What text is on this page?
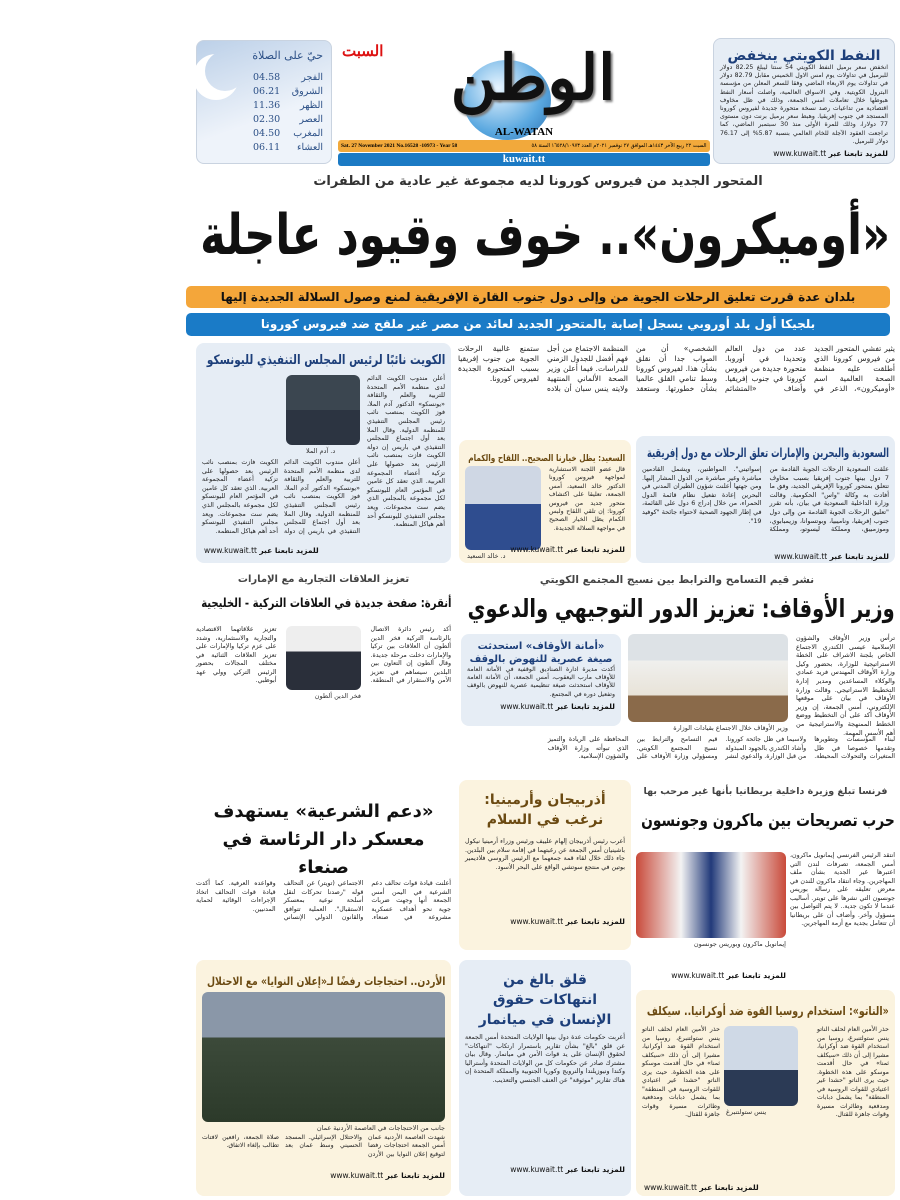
النفط الكويتي ينخفض
انخفض سعر برميل النفط الكويتي 54 سنتا ليبلغ 82.25 دولار للبرميل في تداولات يوم امس الاول الخميس مقابل 82.79 دولار في تداولات يوم الاربعاء الماضي وفقا للسعر المعلن من مؤسسة البترول الكويتية. وفي الاسواق العالمية، واصلت أسعار النفط هبوطها خلال تعاملات امس الجمعة، وذلك في ظل مخاوف اقتصادية من تداعيات رصد نسخة متحورة جديدة لفيروس كورونا المستجد في جنوب إفريقيا. وهبط سعر برميل برنت دون مستوى 77 دولارا، وذلك للمرة الأولى منذ 30 سبتمبر الماضي، كما تراجعت العقود الآجلة للخام العالمي بنسبة 5.87% إلى 76.17 دولار للبرميل.
www.kuwait.tt للمزيد تابعنا عبر
الوطن
السبت
AL-WATAN
السبت ٢٢ ربيع الآخر ١٤٤٣هـ الموافق ٢٧ نوفمبر ٢٠٢١م العدد ١٦٥٢٨/١٠٩٧٣ السنة ٥٨
Sat. 27 November 2021 No.16528 -10973 - Year 58
kuwait.tt
حيّ على الصلاة
الفجر
04.58
الشروق
06.21
الظهر
11.36
العصر
02.30
المغرب
04.50
العشاء
06.11
المتحور الجديد من فيروس كورونا لديه مجموعة غير عادية من الطفرات
«أوميكرون».. خوف وقيود عاجلة
بلدان عدة قررت تعليق الرحلات الجوية من وإلى دول جنوب القارة الإفريقية لمنع وصول السلالة الجديدة إليها
بلجيكا أول بلد أوروبي يسجل إصابة بالمتحور الجديد لعائد من مصر غير ملقح ضد فيروس كورونا
يثير تفشي المتحور الجديد من فيروس كورونا الذي أطلقت عليه منظمة الصحة العالمية اسم «أوميكرون»، الذعر في عدد من دول العالم وتحديدا في أوروبا. متحورة جديدة من فيروس كورونا في جنوب إفريقيا. وأضاف «المتشائم الشخصي» أن من الصواب جدا أن نقلق بشأن هذا. لفيروس كورونا وسط تنامي القلق عالميا بشأن خطورتها. وستعقد المنظمة الاجتماع من أجل فهم أفضل للجدول الزمني للدراسات. فيما أعلن وزير الصحة الألماني المنتهية ولايته ينس سبان أن بلاده ستمنع غالبية الرحلات الجوية من جنوب إفريقيا بسبب المتحورة الجديدة لفيروس كورونا.
السعودية والبحرين والإمارات تعلق الرحلات مع دول إفريقية
علقت السعودية الرحلات الجوية القادمة من 7 دول بينها جنوب إفريقيا بسبب مخاوف تتعلق بمتحور كورونا الإفريقي الجديد، وفق ما أفادت به وكالة "واس" الحكومية. وقالت وزارة الداخلية السعودية في بيان، بأنه تقرر "تعليق الرحلات الجوية القادمة من وإلى دول جنوب إفريقيا، وناميبيا، وبوتسوانا، وزيمبابوي، وموزمبيق، ومملكة ليسوتو، ومملكة إسواتيني". المواطنين، ويشمل القادمين مباشرة وغير مباشرة من الدول المشار إليها. ومن جهتها أعلنت شؤون الطيران المدني في البحرين إعادة تفعيل نظام قائمة الدول الحمراء، من خلال إدراج 6 دول على القائمة، في إطار الجهود الصحية لاحتواء جائحة "كوفيد 19".
www.kuwait.tt للمزيد تابعنا عبر
السعيد: يظل خيارنا الصحيح.. اللقاح والكمام
قال عضو اللجنة الاستشارية لمواجهة فيروس كورونا الدكتور خالد السعيد، أمس الجمعة، تعليقا على اكتشاف متحور جديد من فيروس كورونا: إن تلقي اللقاح ولبس الكمام يظل الخيار الصحيح في مواجهة السلالة الجديدة.
د. خالد السعيد
www.kuwait.tt للمزيد تابعنا عبر
الكويت نائبًا لرئيس المجلس التنفيذي لليونسكو
د. آدم الملا
أعلن مندوب الكويت الدائم لدى منظمة الأمم المتحدة للتربية والعلم والثقافة «يونسكو» الدكتور آدم الملا، فوز الكويت بمنصب نائب رئيس المجلس التنفيذي للمنظمة الدولية. وقال الملا بعد أول اجتماع للمجلس التنفيذي في باريس إن دولة الكويت فازت بمنصب نائب الرئيس بعد حصولها على تزكية أعضاء المجموعة العربية. الذي تعقد كل عامين في المؤتمر العام لليونسكو لكل مجموعة بالمجلس الذي يضم ست مجموعات. ويعد مجلس التنفيذي لليونسكو أحد أهم هياكل المنظمة.
أعلن مندوب الكويت الدائم لدى منظمة الأمم المتحدة للتربية والعلم والثقافة «يونسكو» الدكتور آدم الملا، فوز الكويت بمنصب نائب رئيس المجلس التنفيذي للمنظمة الدولية. وقال الملا بعد أول اجتماع للمجلس التنفيذي في باريس إن دولة الكويت فازت بمنصب نائب الرئيس بعد حصولها على تزكية أعضاء المجموعة العربية. الذي تعقد كل عامين في المؤتمر العام لليونسكو لكل مجموعة بالمجلس الذي يضم ست مجموعات. ويعد مجلس التنفيذي لليونسكو أحد أهم هياكل المنظمة.
www.kuwait.tt للمزيد تابعنا عبر
نشر قيم التسامح والترابط بين نسيج المجتمع الكويتي
وزير الأوقاف: تعزيز الدور التوجيهي والدعوي
ترأس وزير الأوقاف والشؤون الإسلامية عيسى الكندري الاجتماع الخاص بلجنة الاشراف على الخطة الاستراتيجية للوزارة، بحضور وكيل وزارة الأوقاف المهندس فريد عمادي والوكلاء المساعدين ومدير إدارة التخطيط الاستراتيجي. وقالت وزارة الأوقاف في بيان على موقعها الإلكتروني، أمس الجمعة، إن وزير الأوقاف أكد على أن التخطيط ووضع الخطط الممنهجة والاستراتيجية من أهم الأسس المهمة.
وزير الأوقاف خلال الاجتماع بقيادات الوزارة
«أمانة الأوقاف» استحدثت صيغة عصرية للنهوض بالوقف
أكدت مديرة ادارة الصناديق الوقفية في الأمانة العامة للأوقاف مارب اليعقوب، أمس الجمعة، أن الأمانة العامة للأوقاف استحدثت صيغة تنظيمية عصرية للنهوض بالوقف وتفعيل دوره في المجتمع.
www.kuwait.tt للمزيد تابعنا عبر
لبناء المؤسسات وتطويرها وتقدمها خصوصا في ظل المتغيرات والتحولات المحيطة. ولاسيما في ظل جائحة كورونا. وأشاد الكندري بالجهود المبذولة من قبل الوزارة. والدعوي لنشر قيم التسامح والترابط بين نسيج المجتمع الكويتي. ومسؤولي وزارة الأوقاف على المحافظة على الريادة والتميز الذي تبوأته وزارة الأوقاف والشؤون الإسلامية.
تعزيز العلاقات التجارية مع الإمارات
أنقرة: صفحة جديدة في العلاقات التركية - الخليجية
فخر الدين ألطون
أكد رئيس دائرة الاتصال بالرئاسة التركية فخر الدين ألطون أن العلاقات بين تركيا والإمارات دخلت مرحلة جديدة. وقال ألطون إن التعاون بين البلدين سيساهم في تعزيز الأمن والاستقرار في المنطقة. تعزيز علاقاتهما الاقتصادية والتجارية والاستثمارية، وشدد على عزم تركيا والإمارات على تعزيز العلاقات الثنائية في مختلف المجالات بحضور الرئيس التركي وولي عهد أبوظبي.
فرنسا تبلغ وزيرة داخلية بريطانيا بأنها غير مرحب بها
حرب تصريحات بين ماكرون وجونسون
إيمانويل ماكرون وبوريس جونسون
انتقد الرئيس الفرنسي إيمانويل ماكرون، أمس الجمعة، تصرفات لندن التي اعتبرها غير الجدية بشأن ملف المهاجرين. وجاء انتقاد ماكرون للندن في معرض تعليقه على رسالة بوريس جونسون التي نشرها على تويتر. أساليب عندما لا تكون جدية.. لا يتم التواصل بين مسؤول وآخر. وأضاف أن على بريطانيا أن تتعامل بجدية مع أزمة المهاجرين.
www.kuwait.tt للمزيد تابعنا عبر
أذربيجان وأرمينيا: نرغب في السلام
أعرب رئيس أذربيجان إلهام علييف ورئيس وزراء أرمينيا نيكول باشينيان أمس الجمعة عن رغبتهما في إقامة سلام بين البلدين. جاء ذلك خلال لقاء قمة جمعهما مع الرئيس الروسي فلاديمير بوتين في منتجع سوتشي الواقع على البحر الأسود.
www.kuwait.tt للمزيد تابعنا عبر
«دعم الشرعية» يستهدف معسكر دار الرئاسة في صنعاء
أعلنت قيادة قوات تحالف دعم الشرعية في اليمن أمس الجمعة أنها وجهت ضربات جوية نحو أهداف عسكرية مشروعة في صنعاء. الاجتماعي (تويتر) عن التحالف قوله "رصدنا تحركات لنقل أسلحة نوعية بمعسكر الاستقبال". العملية تتوافق والقانون الدولي الإنساني وقواعده العرفية. كما أكدت قيادة قوات التحالف اتخاذ الإجراءات الوقائية لحماية المدنيين.
الأردن.. احتجاجات رفضًا لـ«إعلان النوايا» مع الاحتلال
جانب من الاحتجاجات في العاصمة الأردنية عمان
شهدت العاصمة الأردنية عمان أمس الجمعة احتجاجات رفضا لتوقيع إعلان النوايا بين الأردن والاحتلال الإسرائيلي. المسجد الحسيني وسط عمان بعد صلاة الجمعة، رافعين لافتات تطالب بإلغاء الاتفاق.
www.kuwait.tt للمزيد تابعنا عبر
قلق بالغ من انتهاكات حقوق الإنسان في ميانمار
أعربت حكومات عدة دول بينها الولايات المتحدة أمس الجمعة عن قلق "بالغ" بشأن تقارير باستمرار ارتكاب "انتهاكات" لحقوق الإنسان على يد قوات الأمن في ميانمار. وقال بيان مشترك صادر عن حكومات كل من الولايات المتحدة وأستراليا وكندا ونيوزيلندا والنرويج وكوريا الجنوبية والمملكة المتحدة إن هناك تقارير "موثوقة" عن العنف الجنسي والتعذيب.
www.kuwait.tt للمزيد تابعنا عبر
«الناتو»: استخدام روسيا القوة ضد أوكرانيا.. سيكلف
حذر الأمين العام لحلف الناتو ينس ستولتنبرغ، روسيا من استخدام القوة ضد أوكرانيا، مشيرا إلى أن ذلك «سيكلف ثمنا» في حال أقدمت موسكو على هذه الخطوة. حيث يرى الناتو "حشدا غير اعتيادي للقوات الروسية في المنطقة" بما يشمل دبابات ومدفعية وطائرات مسيرة وقوات جاهزة للقتال.
ينس ستولتنبرغ
حذر الأمين العام لحلف الناتو ينس ستولتنبرغ، روسيا من استخدام القوة ضد أوكرانيا، مشيرا إلى أن ذلك «سيكلف ثمنا» في حال أقدمت موسكو على هذه الخطوة. حيث يرى الناتو "حشدا غير اعتيادي للقوات الروسية في المنطقة" بما يشمل دبابات ومدفعية وطائرات مسيرة وقوات جاهزة للقتال.
www.kuwait.tt للمزيد تابعنا عبر
